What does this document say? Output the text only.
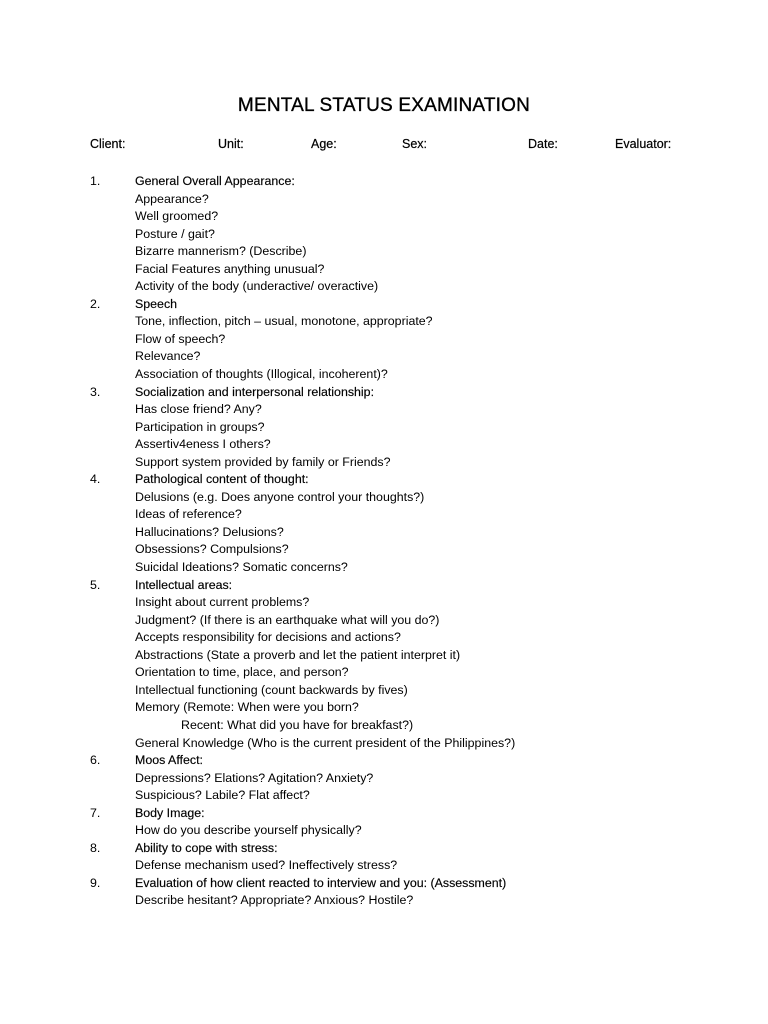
MENTAL STATUS EXAMINATION
Client:	Unit:	Age:	Sex:	Date:	Evaluator:
1.	General Overall Appearance:
Appearance?
Well groomed?
Posture / gait?
Bizarre mannerism? (Describe)
Facial Features anything unusual?
Activity of the body (underactive/ overactive)
2.	Speech
Tone, inflection, pitch – usual, monotone, appropriate?
Flow of speech?
Relevance?
Association of thoughts (Illogical, incoherent)?
3.	Socialization and interpersonal relationship:
Has close friend? Any?
Participation in groups?
Assertiv4eness I others?
Support system provided by family or Friends?
4.	Pathological content of thought:
Delusions (e.g. Does anyone control your thoughts?)
Ideas of reference?
Hallucinations? Delusions?
Obsessions? Compulsions?
Suicidal Ideations? Somatic concerns?
5.	Intellectual areas:
Insight about current problems?
Judgment? (If there is an earthquake what will you do?)
Accepts responsibility for decisions and actions?
Abstractions (State a proverb and let the patient interpret it)
Orientation to time, place, and person?
Intellectual functioning (count backwards by fives)
Memory (Remote: When were you born?
Recent: What did you have for breakfast?)
General Knowledge (Who is the current president of the Philippines?)
6.	Moos Affect:
Depressions? Elations? Agitation? Anxiety?
Suspicious? Labile? Flat affect?
7.	Body Image:
How do you describe yourself physically?
8.	Ability to cope with stress:
Defense mechanism used? Ineffectively stress?
9.	Evaluation of how client reacted to interview and you: (Assessment)
Describe hesitant? Appropriate? Anxious? Hostile?
